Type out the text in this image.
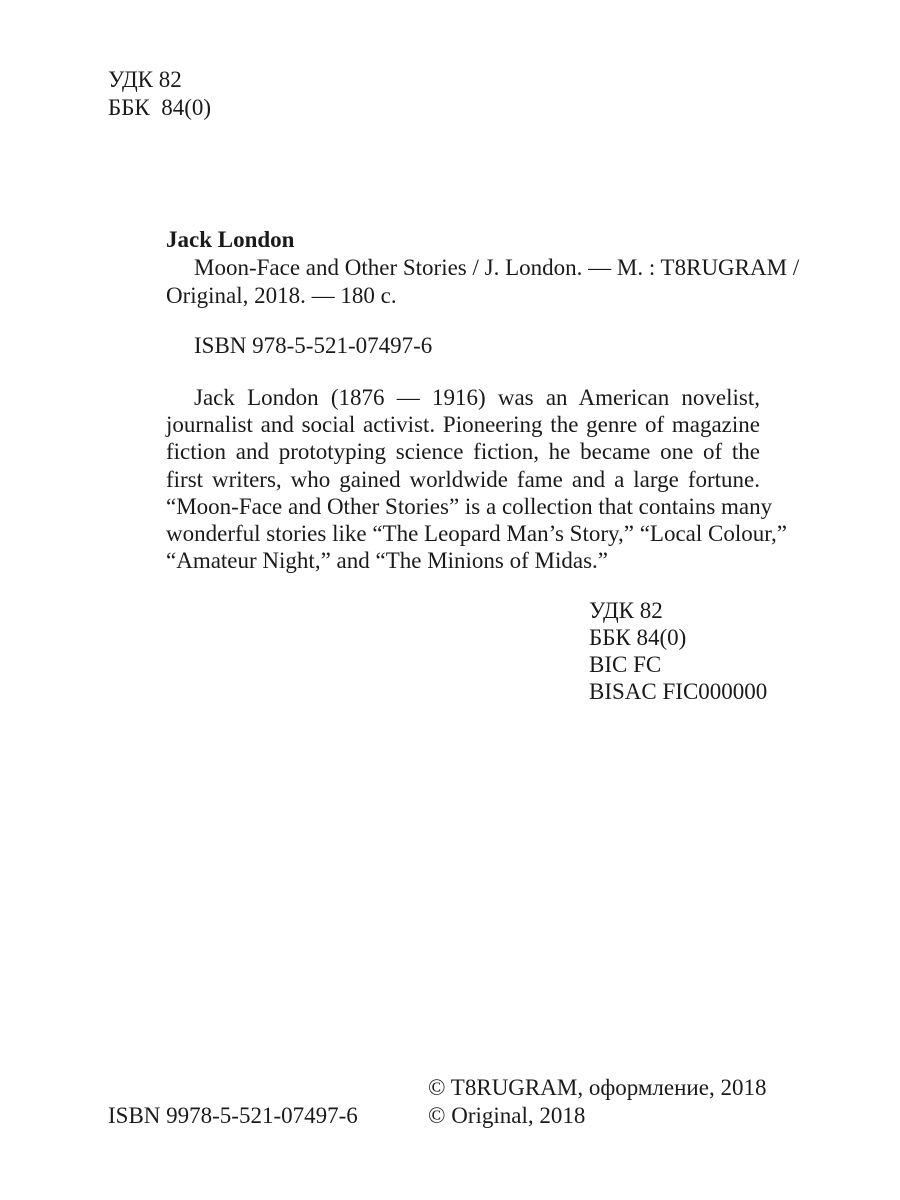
УДК 82
ББК  84(0)
Jack London
Moon-Face and Other Stories / J. London. — M. : T8RUGRAM /
Original, 2018. — 180 c.
ISBN 978-5-521-07497-6
Jack London (1876 — 1916) was an American novelist,
journalist and social activist. Pioneering the genre of magazine
fiction and prototyping science fiction, he became one of the
first writers, who gained worldwide fame and a large fortune.
“Moon-Face and Other Stories” is a collection that contains many
wonderful stories like “The Leopard Man’s Story,” “Local Colour,”
“Amateur Night,” and “The Minions of Midas.”
УДК 82
ББК 84(0)
BIC FC
BISAC FIC000000
© T8RUGRAM, оформление, 2018
© Original, 2018
ISBN 9978-5-521-07497-6
